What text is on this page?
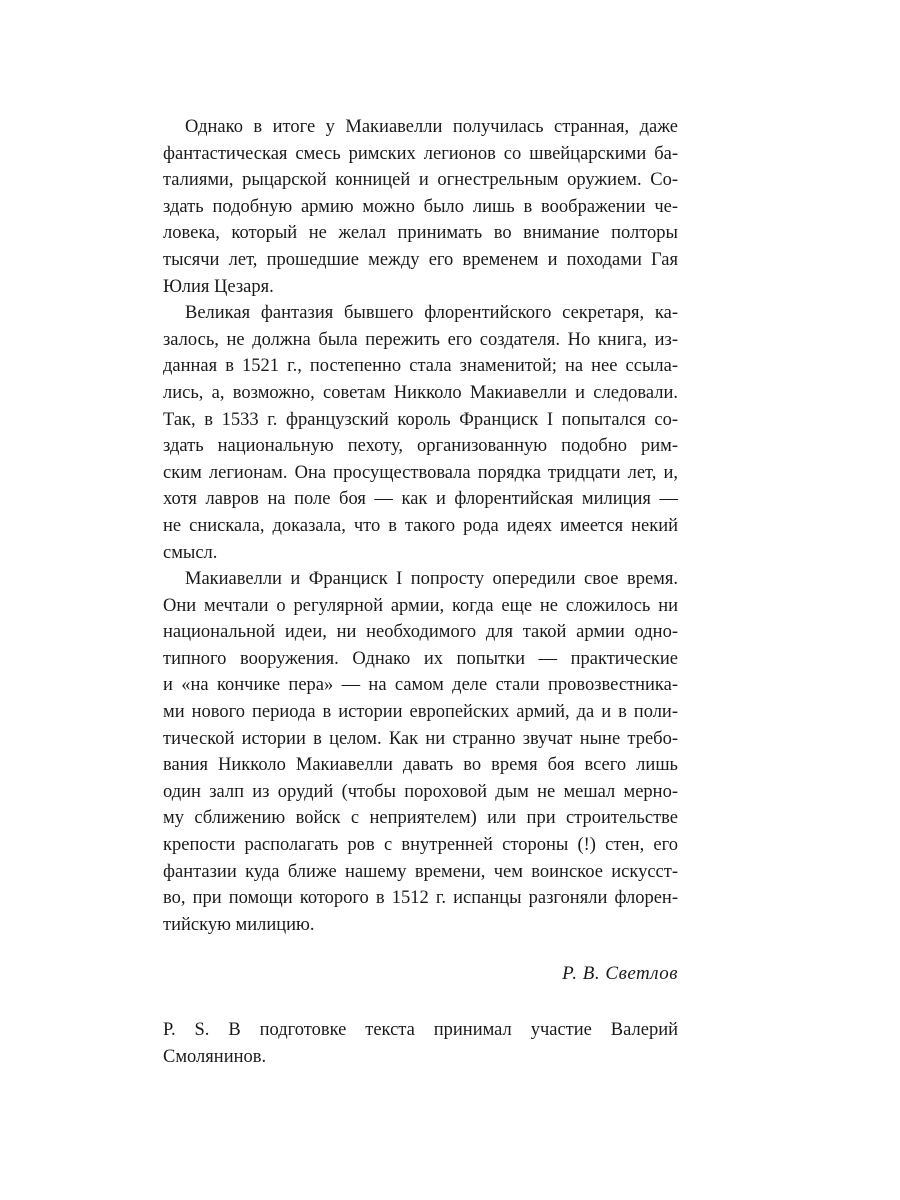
Однако в итоге у Макиавелли получилась странная, даже
фантастическая смесь римских легионов со швейцарскими ба-
талиями, рыцарской конницей и огнестрельным оружием. Со-
здать подобную армию можно было лишь в воображении че-
ловека, который не желал принимать во внимание полторы
тысячи лет, прошедшие между его временем и походами Гая
Юлия Цезаря.
Великая фантазия бывшего флорентийского секретаря, ка-
залось, не должна была пережить его создателя. Но книга, из-
данная в 1521 г., постепенно стала знаменитой; на нее ссыла-
лись, а, возможно, советам Никколо Макиавелли и следовали.
Так, в 1533 г. французский король Франциск I попытался со-
здать национальную пехоту, организованную подобно рим-
ским легионам. Она просуществовала порядка тридцати лет, и,
хотя лавров на поле боя — как и флорентийская милиция —
не снискала, доказала, что в такого рода идеях имеется некий
смысл.
Макиавелли и Франциск I попросту опередили свое время.
Они мечтали о регулярной армии, когда еще не сложилось ни
национальной идеи, ни необходимого для такой армии одно-
типного вооружения. Однако их попытки — практические
и «на кончике пера» — на самом деле стали провозвестника-
ми нового периода в истории европейских армий, да и в поли-
тической истории в целом. Как ни странно звучат ныне требо-
вания Никколо Макиавелли давать во время боя всего лишь
один залп из орудий (чтобы пороховой дым не мешал мерно-
му сближению войск с неприятелем) или при строительстве
крепости располагать ров с внутренней стороны (!) стен, его
фантазии куда ближе нашему времени, чем воинское искусст-
во, при помощи которого в 1512 г. испанцы разгоняли флорен-
тийскую милицию.
Р. В. Светлов
Р. S. В подготовке текста принимал участие Валерий
Смолянинов.
